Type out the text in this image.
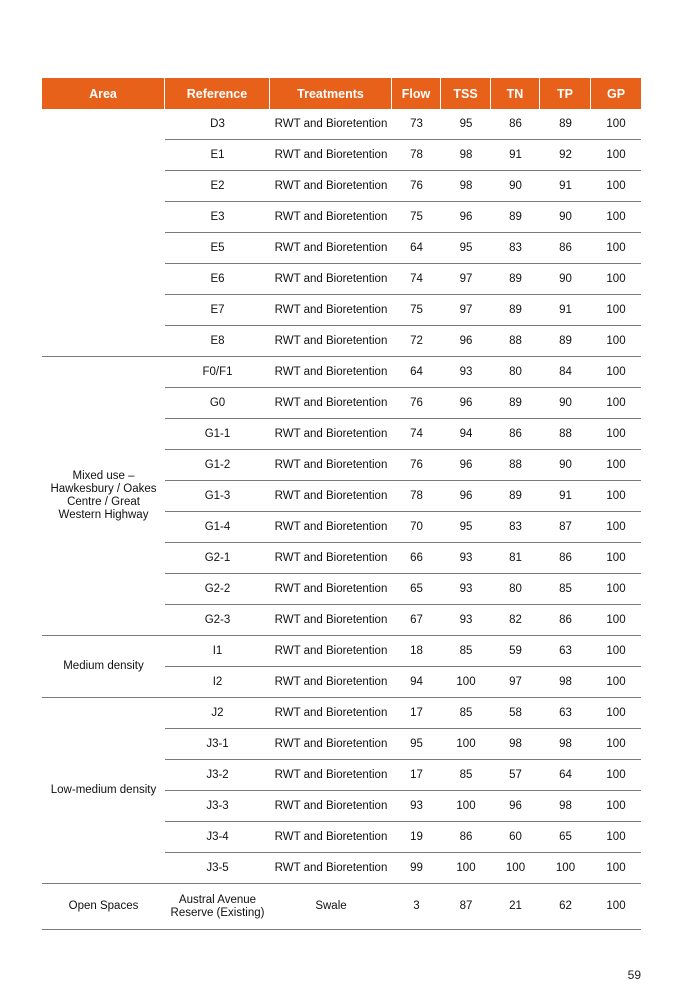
Area	Reference	Treatments	Flow	TSS	TN	TP	GP
	D3	RWT and Bioretention	73	95	86	89	100
	E1	RWT and Bioretention	78	98	91	92	100
	E2	RWT and Bioretention	76	98	90	91	100
	E3	RWT and Bioretention	75	96	89	90	100
	E5	RWT and Bioretention	64	95	83	86	100
	E6	RWT and Bioretention	74	97	89	90	100
	E7	RWT and Bioretention	75	97	89	91	100
	E8	RWT and Bioretention	72	96	88	89	100
Mixed use – Hawkesbury / Oakes Centre / Great Western Highway	F0/F1	RWT and Bioretention	64	93	80	84	100
	G0	RWT and Bioretention	76	96	89	90	100
	G1-1	RWT and Bioretention	74	94	86	88	100
	G1-2	RWT and Bioretention	76	96	88	90	100
	G1-3	RWT and Bioretention	78	96	89	91	100
	G1-4	RWT and Bioretention	70	95	83	87	100
	G2-1	RWT and Bioretention	66	93	81	86	100
	G2-2	RWT and Bioretention	65	93	80	85	100
	G2-3	RWT and Bioretention	67	93	82	86	100
Medium density	I1	RWT and Bioretention	18	85	59	63	100
	I2	RWT and Bioretention	94	100	97	98	100
Low-medium density	J2	RWT and Bioretention	17	85	58	63	100
	J3-1	RWT and Bioretention	95	100	98	98	100
	J3-2	RWT and Bioretention	17	85	57	64	100
	J3-3	RWT and Bioretention	93	100	96	98	100
	J3-4	RWT and Bioretention	19	86	60	65	100
	J3-5	RWT and Bioretention	99	100	100	100	100
Open Spaces	Austral Avenue Reserve (Existing)	Swale	3	87	21	62	100
59
